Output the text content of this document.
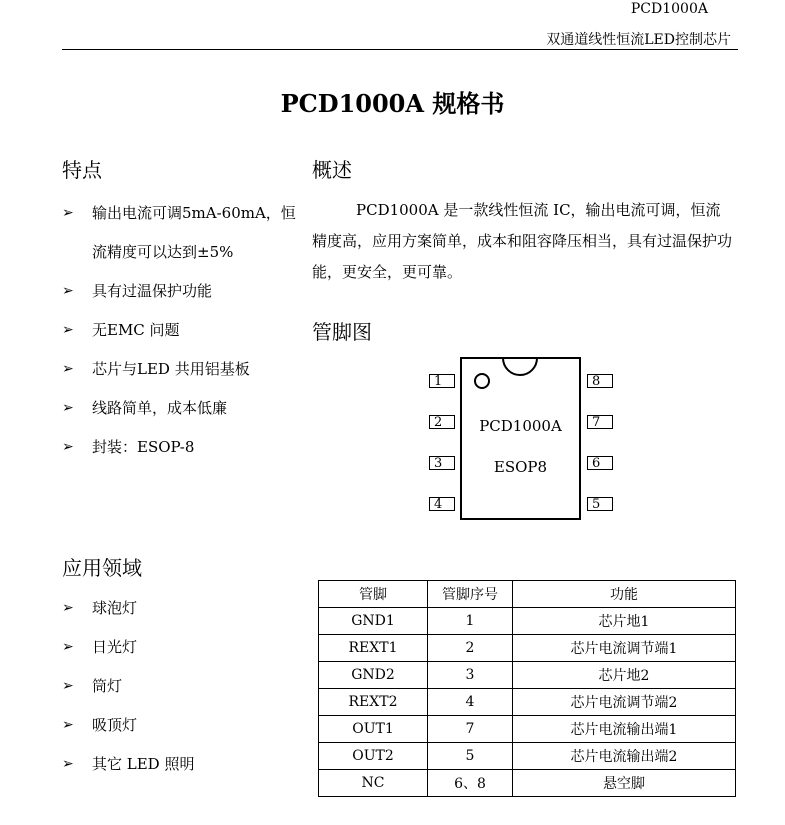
PCD1000A
双通道线性恒流LED控制芯片
PCD1000A 规格书
特点
➢ 输出电流可调5mA-60mA，恒流精度可以达到±5%
➢ 具有过温保护功能
➢ 无EMC 问题
➢ 芯片与LED 共用铝基板
➢ 线路简单，成本低廉
➢ 封装：ESOP-8
概述
PCD1000A 是一款线性恒流 IC，输出电流可调，恒流精度高，应用方案简单，成本和阻容降压相当，具有过温保护功能，更安全，更可靠。
管脚图
PCD1000A
ESOP8
1
2
3
4
8
7
6
5
应用领域
➢ 球泡灯
➢ 日光灯
➢ 筒灯
➢ 吸顶灯
➢ 其它 LED 照明
管脚	管脚序号	功能
GND1	1	芯片地1
REXT1	2	芯片电流调节端1
GND2	3	芯片地2
REXT2	4	芯片电流调节端2
OUT1	7	芯片电流输出端1
OUT2	5	芯片电流输出端2
NC	6、8	悬空脚
